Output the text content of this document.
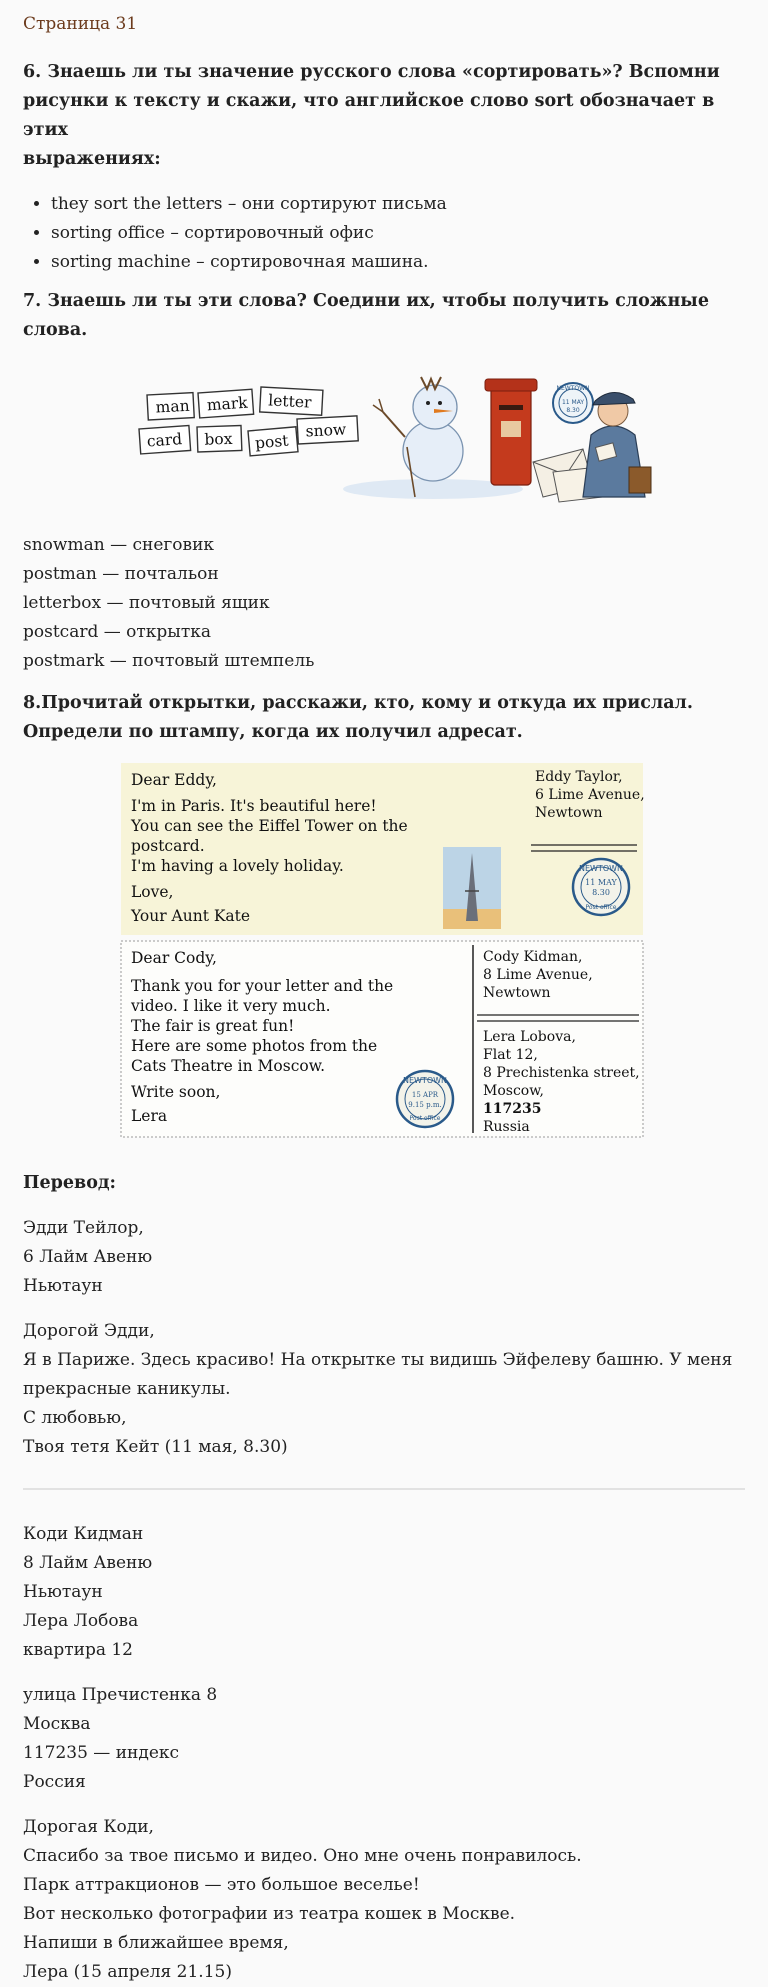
Страница 31
6. Знаешь ли ты значение русского слова «сортировать»? Вспомни
рисунки к тексту и скажи, что английское слово sort обозначает в этих
выражениях:
• they sort the letters – они сортируют письма
• sorting office – сортировочный офис
• sorting machine – сортировочная машина.
7. Знаешь ли ты эти слова? Соедини их, чтобы получить сложные слова.
man mark letter
card box post
snow
NEWTOWN
11 MAY
8.30
snowman — снеговик
postman — почтальон
letterbox — почтовый ящик
postcard — открытка
postmark — почтовый штемпель
8.Прочитай открытки, расскажи, кто, кому и откуда их прислал.
Определи по штампу, когда их получил адресат.
Dear Eddy,
I'm in Paris. It's beautiful here!
You can see the Eiffel Tower on the
postcard.
I'm having a lovely holiday.
Love,
Your Aunt Kate
Eddy Taylor,
6 Lime Avenue,
Newtown
NEWTOWN
11 MAY
8.30
Post office
Dear Cody,
Thank you for your letter and the
video. I like it very much.
The fair is great fun!
Here are some photos from the
Cats Theatre in Moscow.
Write soon,
Lera
NEWTOWN
15 APR
9.15 p.m.
Post office
Cody Kidman,
8 Lime Avenue,
Newtown
Lera Lobova,
Flat 12,
8 Prechistenka street,
Moscow,
117235
Russia
Перевод:
Эдди Тейлор,
6 Лайм Авеню
Ньютаун
Дорогой Эдди,
Я в Париже. Здесь красиво! На открытке ты видишь Эйфелеву башню. У меня
прекрасные каникулы.
С любовью,
Твоя тетя Кейт (11 мая, 8.30)
Коди Кидман
8 Лайм Авеню
Ньютаун
Лера Лобова
квартира 12
улица Пречистенка 8
Москва
117235 — индекс
Россия
Дорогая Коди,
Спасибо за твое письмо и видео. Оно мне очень понравилось.
Парк аттракционов — это большое веселье!
Вот несколько фотографии из театра кошек в Москве.
Напиши в ближайшее время,
Лера (15 апреля 21.15)
